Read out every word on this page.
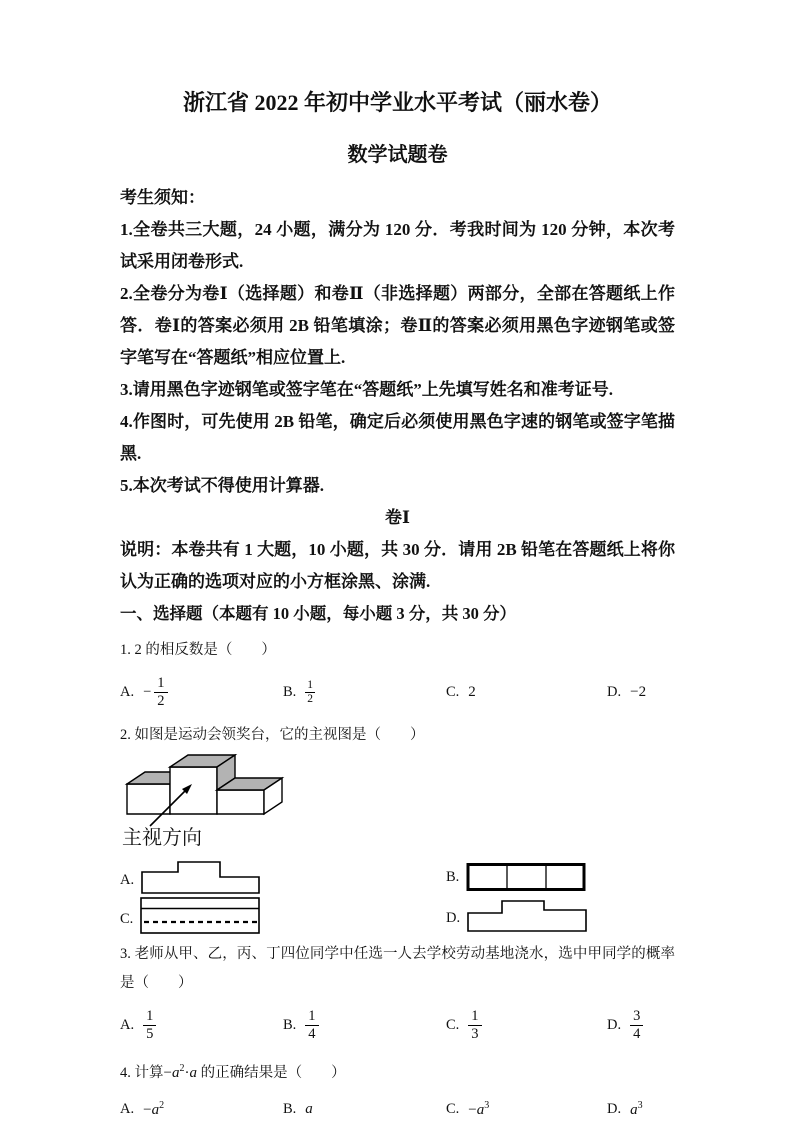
浙江省 2022 年初中学业水平考试（丽水卷）
数学试题卷

考生须知：

1.全卷共三大题，24 小题，满分为 120 分．考我时间为 120 分钟，本次考试采用闭卷形式.

2.全卷分为卷Ⅰ（选择题）和卷Ⅱ（非选择题）两部分，全部在答题纸上作答．卷Ⅰ的答案必须用 2B 铅笔填涂；卷Ⅱ的答案必须用黑色字迹钢笔或签字笔写在“答题纸”相应位置上.

3.请用黑色字迹钢笔或签字笔在“答题纸”上先填写姓名和准考证号.

4.作图时，可先使用 2B 铅笔，确定后必须使用黑色字速的钢笔或签字笔描黑.

5.本次考试不得使用计算器.

卷Ⅰ

说明：本卷共有 1 大题，10 小题，共 30 分．请用 2B 铅笔在答题纸上将你认为正确的选项对应的小方框涂黑、涂满.

一、选择题（本题有 10 小题，每小题 3 分，共 30 分）

1. 2 的相反数是（　　）

A. − $\frac{1}{2}$	B. $\frac{1}{2}$	C. 2	D. −2

2. 如图是运动会领奖台，它的主视图是（　　）

主视方向
A.	B.
C.	D.

3. 老师从甲、乙，丙、丁四位同学中任选一人去学校劳动基地浇水，选中甲同学的概率是（　　）

A. $\frac{1}{5}$	B. $\frac{1}{4}$	C. $\frac{1}{3}$	D. $\frac{3}{4}$

4. 计算$-a^2\cdot a$ 的正确结果是（　　）

A. $-a^2$	B. a	C. $-a^3$	D. $a^3$
